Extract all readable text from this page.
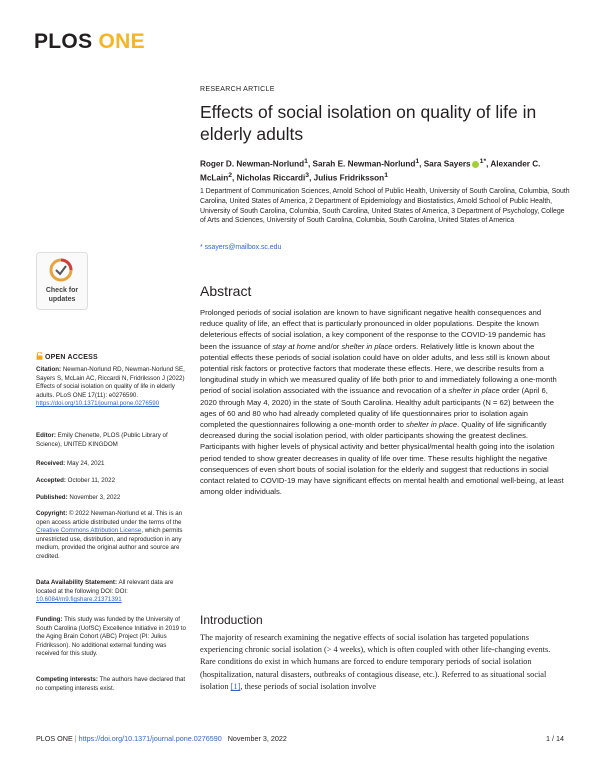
PLOS ONE
RESEARCH ARTICLE
Effects of social isolation on quality of life in elderly adults
Roger D. Newman-Norlund$^1$, Sarah E. Newman-Norlund$^1$, Sara Sayers $^{1*}$, Alexander C. McLain$^2$, Nicholas Riccardi$^3$, Julius Fridriksson$^1$
1 Department of Communication Sciences, Arnold School of Public Health, University of South Carolina, Columbia, South Carolina, United States of America, 2 Department of Epidemiology and Biostatistics, Arnold School of Public Health, University of South Carolina, Columbia, South Carolina, United States of America, 3 Department of Psychology, College of Arts and Sciences, University of South Carolina, Columbia, South Carolina, United States of America
* ssayers@mailbox.sc.edu
Check for
updates
OPEN ACCESS
Citation: Newman-Norlund RD, Newman-Norlund SE, Sayers S, McLain AC, Riccardi N, Fridriksson J (2022) Effects of social isolation on quality of life in elderly adults. PLoS ONE 17(11): e0276590. https://doi.org/10.1371/journal.pone.0276590
Editor: Emily Chenette, PLOS (Public Library of Science), UNITED KINGDOM
Received: May 24, 2021
Accepted: October 11, 2022
Published: November 3, 2022
Copyright: © 2022 Newman-Norlund et al. This is an open access article distributed under the terms of the Creative Commons Attribution License, which permits unrestricted use, distribution, and reproduction in any medium, provided the original author and source are credited.
Data Availability Statement: All relevant data are located at the following DOI: DOI: 10.6084/m9.figshare.21371391
Funding: This study was funded by the University of South Carolina (UofSC) Excellence Initiative in 2019 to the Aging Brain Cohort (ABC) Project (PI: Julius Fridriksson). No additional external funding was received for this study.
Competing interests: The authors have declared that no competing interests exist.
Abstract
Prolonged periods of social isolation are known to have significant negative health consequences and reduce quality of life, an effect that is particularly pronounced in older populations. Despite the known deleterious effects of social isolation, a key component of the response to the COVID-19 pandemic has been the issuance of stay at home and/or shelter in place orders. Relatively little is known about the potential effects these periods of social isolation could have on older adults, and less still is known about potential risk factors or protective factors that moderate these effects. Here, we describe results from a longitudinal study in which we measured quality of life both prior to and immediately following a one-month period of social isolation associated with the issuance and revocation of a shelter in place order (April 6, 2020 through May 4, 2020) in the state of South Carolina. Healthy adult participants (N = 62) between the ages of 60 and 80 who had already completed quality of life questionnaires prior to isolation again completed the questionnaires following a one-month order to shelter in place. Quality of life significantly decreased during the social isolation period, with older participants showing the greatest declines. Participants with higher levels of physical activity and better physical/mental health going into the isolation period tended to show greater decreases in quality of life over time. These results highlight the negative consequences of even short bouts of social isolation for the elderly and suggest that reductions in social contact related to COVID-19 may have significant effects on mental health and emotional well-being, at least among older individuals.
Introduction
The majority of research examining the negative effects of social isolation has targeted populations experiencing chronic social isolation (> 4 weeks), which is often coupled with other life-changing events. Rare conditions do exist in which humans are forced to endure temporary periods of social isolation (hospitalization, natural disasters, outbreaks of contagious disease, etc.). Referred to as situational social isolation [1], these periods of social isolation involve
PLOS ONE | https://doi.org/10.1371/journal.pone.0276590 November 3, 2022	1 / 14
